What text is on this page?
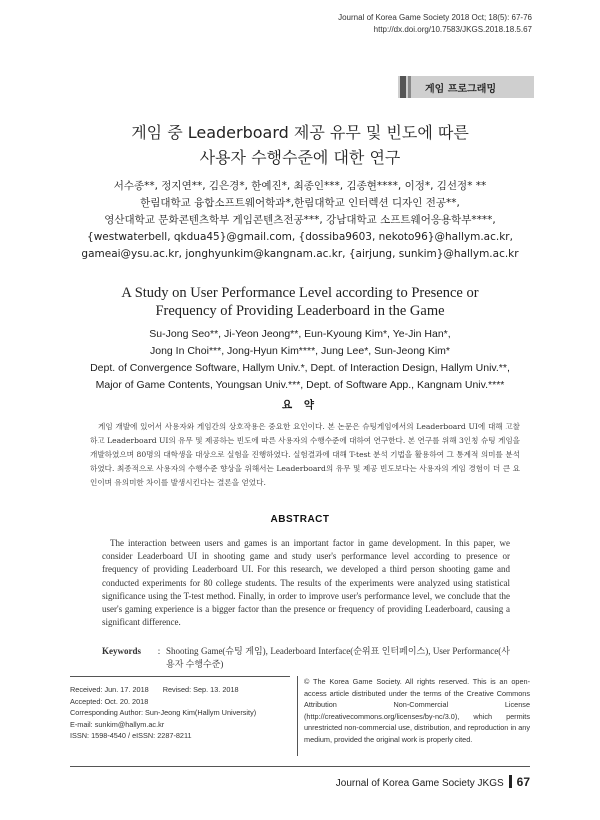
Journal of Korea Game Society 2018 Oct; 18(5): 67-76
http://dx.doi.org/10.7583/JKGS.2018.18.5.67
게임 프로그래밍
게임 중 Leaderboard 제공 유무 및 빈도에 따른
사용자 수행수준에 대한 연구
서수종**, 정지연**, 김은경*, 한예진*, 최종인***, 김종현****, 이정*, 김선정* **
한림대학교 융합소프트웨어학과*,한림대학교 인터렉션 디자인 전공**,
영산대학교 문화콘텐츠학부 게임콘텐츠전공***, 강남대학교 소프트웨어응용학부****,
{westwaterbell, qkdua45}@gmail.com, {dossiba9603, nekoto96}@hallym.ac.kr,
gameai@ysu.ac.kr, jonghyunkim@kangnam.ac.kr, {airjung, sunkim}@hallym.ac.kr
A Study on User Performance Level according to Presence or
Frequency of Providing Leaderboard in the Game
Su-Jong Seo**, Ji-Yeon Jeong**, Eun-Kyoung Kim*, Ye-Jin Han*,
Jong In Choi***, Jong-Hyun Kim****, Jung Lee*, Sun-Jeong Kim*
Dept. of Convergence Software, Hallym Univ.*, Dept. of Interaction Design, Hallym Univ.**,
Major of Game Contents, Youngsan Univ.***, Dept. of Software App., Kangnam Univ.****
요 약
게임 개발에 있어서 사용자와 게임간의 상호작용은 중요한 요인이다. 본 논문은 슈팅게임에서의 Leaderboard UI에 대해 고찰하고 Leaderboard UI의 유무 및 제공하는 빈도에 따른 사용자의 수행수준에 대하여 연구한다. 본 연구를 위해 3인칭 슈팅 게임을 개발하였으며 80명의 대학생을 대상으로 실험을 진행하였다. 실험결과에 대해 T-test 분석 기법을 활용하여 그 통계적 의미를 분석하였다. 최종적으로 사용자의 수행수준 향상을 위해서는 Leaderboard의 유무 및 제공 빈도보다는 사용자의 게임 경험이 더 큰 요인이며 유의미한 차이를 발생시킨다는 결론을 얻었다.
ABSTRACT
The interaction between users and games is an important factor in game development. In this paper, we consider Leaderboard UI in shooting game and study user's performance level according to presence or frequency of providing Leaderboard UI. For this research, we developed a third person shooting game and conducted experiments for 80 college students. The results of the experiments were analyzed using statistical significance using the T-test method. Finally, in order to improve user's performance level, we conclude that the user's gaming experience is a bigger factor than the presence or frequency of providing Leaderboard, causing a significant difference.
Keywords	: Shooting Game(슈팅 게임), Leaderboard Interface(순위표 인터페이스), User Performance(사용자 수행수준)
Received: Jun. 17. 2018 Revised: Sep. 13. 2018
Accepted: Oct. 20. 2018
Corresponding Author: Sun-Jeong Kim(Hallym University)
E-mail: sunkim@hallym.ac.kr
ISSN: 1598-4540 / eISSN: 2287-8211
© The Korea Game Society. All rights reserved. This is an open-access article distributed under the terms of the Creative Commons Attribution Non-Commercial License (http://creativecommons.org/licenses/by-nc/3.0), which permits unrestricted non-commercial use, distribution, and reproduction in any medium, provided the original work is properly cited.
Journal of Korea Game Society JKGS 67
